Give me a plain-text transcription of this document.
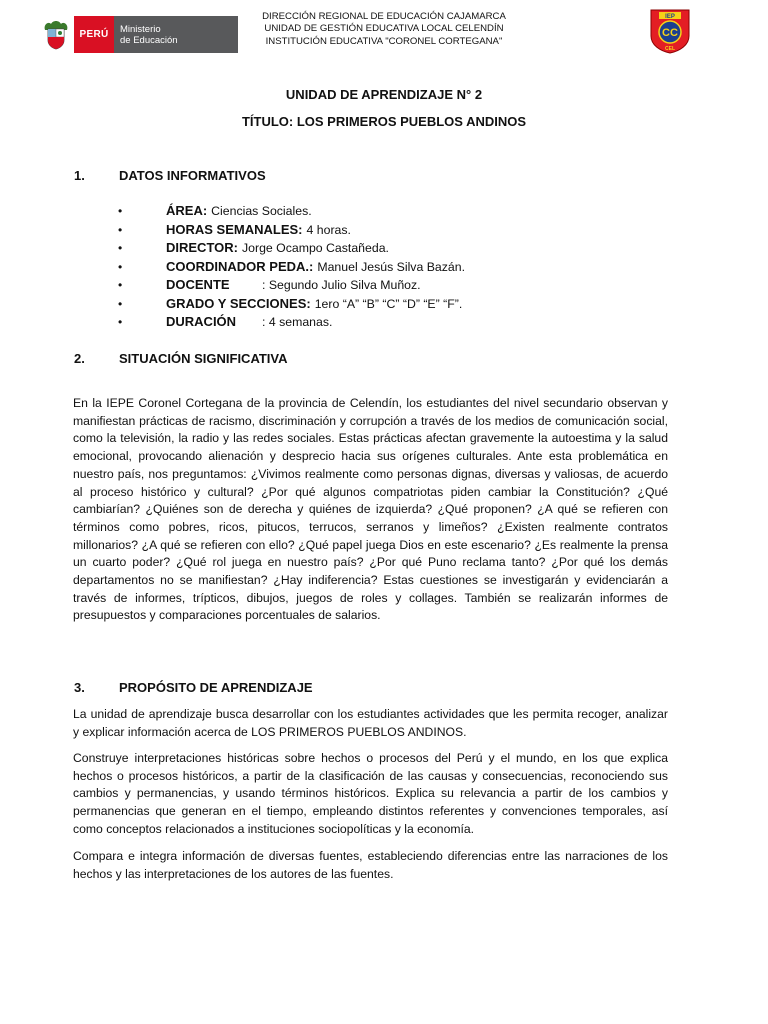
PERÚ	Ministerio
de Educación
DIRECCIÓN REGIONAL DE EDUCACIÓN CAJAMARCA
UNIDAD DE GESTIÓN EDUCATIVA LOCAL CELENDÍN
INSTITUCIÓN EDUCATIVA "CORONEL CORTEGANA"
IEP
CC
CEL
UNIDAD DE APRENDIZAJE N° 2
TÍTULO: LOS PRIMEROS PUEBLOS ANDINOS
1.	DATOS INFORMATIVOS
•	ÁREA: Ciencias Sociales.
•	HORAS SEMANALES: 4 horas.
•	DIRECTOR: Jorge Ocampo Castañeda.
•	COORDINADOR PEDA.: Manuel Jesús Silva Bazán.
•	DOCENTE	: Segundo Julio Silva Muñoz.
•	GRADO Y SECCIONES: 1ero “A” “B” “C” “D” “E” “F”.
•	DURACIÓN	: 4 semanas.
2.	SITUACIÓN SIGNIFICATIVA

En la IEPE Coronel Cortegana de la provincia de Celendín, los estudiantes del nivel secundario observan y manifiestan prácticas de racismo, discriminación y corrupción a través de los medios de comunicación social, como la televisión, la radio y las redes sociales. Estas prácticas afectan gravemente la autoestima y la salud emocional, provocando alienación y desprecio hacia sus orígenes culturales. Ante esta problemática en nuestro país, nos preguntamos: ¿Vivimos realmente como personas dignas, diversas y valiosas, de acuerdo al proceso histórico y cultural? ¿Por qué algunos compatriotas piden cambiar la Constitución? ¿Qué cambiarían? ¿Quiénes son de derecha y quiénes de izquierda? ¿Qué proponen? ¿A qué se refieren con términos como pobres, ricos, pitucos, terrucos, serranos y limeños? ¿Existen realmente contratos millonarios? ¿A qué se refieren con ello? ¿Qué papel juega Dios en este escenario? ¿Es realmente la prensa un cuarto poder? ¿Qué rol juega en nuestro país? ¿Por qué Puno reclama tanto? ¿Por qué los demás departamentos no se manifiestan? ¿Hay indiferencia? Estas cuestiones se investigarán y evidenciarán a través de informes, trípticos, dibujos, juegos de roles y collages. También se realizarán informes de presupuestos y comparaciones porcentuales de salarios.

3.	PROPÓSITO DE APRENDIZAJE

La unidad de aprendizaje busca desarrollar con los estudiantes actividades que les permita recoger, analizar y explicar información acerca de LOS PRIMEROS PUEBLOS ANDINOS.

Construye interpretaciones históricas sobre hechos o procesos del Perú y el mundo, en los que explica hechos o procesos históricos, a partir de la clasificación de las causas y consecuencias, reconociendo sus cambios y permanencias, y usando términos históricos. Explica su relevancia a partir de los cambios y permanencias que generan en el tiempo, empleando distintos referentes y convenciones temporales, así como conceptos relacionados a instituciones sociopolíticas y la economía.

Compara e integra información de diversas fuentes, estableciendo diferencias entre las narraciones de los hechos y las interpretaciones de los autores de las fuentes.
